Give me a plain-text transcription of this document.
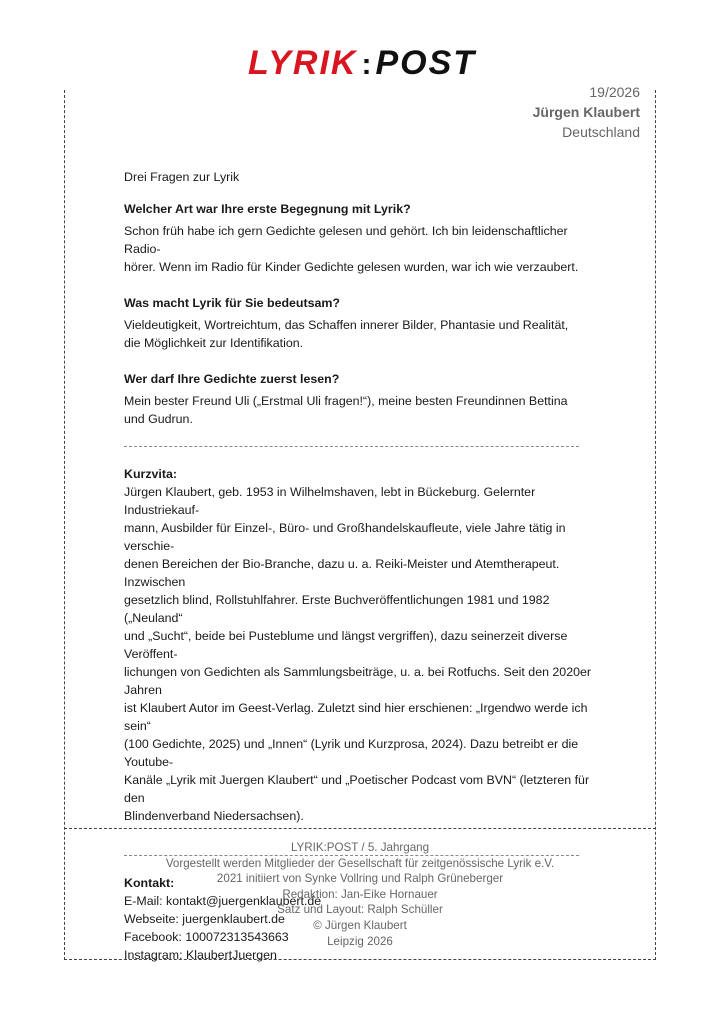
LYRIK : POST
19/2026
Jürgen Klaubert
Deutschland

Drei Fragen zur Lyrik

Welcher Art war Ihre erste Begegnung mit Lyrik?

Schon früh habe ich gern Gedichte gelesen und gehört. Ich bin leidenschaftlicher Radio-

hörer. Wenn im Radio für Kinder Gedichte gelesen wurden, war ich wie verzaubert.

Was macht Lyrik für Sie bedeutsam?

Vieldeutigkeit, Wortreichtum, das Schaffen innerer Bilder, Phantasie und Realität,

die Möglichkeit zur Identifikation.

Wer darf Ihre Gedichte zuerst lesen?

Mein bester Freund Uli („Erstmal Uli fragen!“), meine besten Freundinnen Bettina

und Gudrun.

Kurzvita:

Jürgen Klaubert, geb. 1953 in Wilhelmshaven, lebt in Bückeburg. Gelernter Industriekauf-

mann, Ausbilder für Einzel-, Büro- und Großhandelskaufleute, viele Jahre tätig in verschie-

denen Bereichen der Bio-Branche, dazu u. a. Reiki-Meister und Atemtherapeut. Inzwischen

gesetzlich blind, Rollstuhlfahrer. Erste Buchveröffentlichungen 1981 und 1982 („Neuland“

und „Sucht“, beide bei Pusteblume und längst vergriffen), dazu seinerzeit diverse Veröffent-

lichungen von Gedichten als Sammlungsbeiträge, u. a. bei Rotfuchs. Seit den 2020er Jahren

ist Klaubert Autor im Geest-Verlag. Zuletzt sind hier erschienen: „Irgendwo werde ich sein“

(100 Gedichte, 2025) und „Innen“ (Lyrik und Kurzprosa, 2024). Dazu betreibt er die Youtube-

Kanäle „Lyrik mit Juergen Klaubert“ und „Poetischer Podcast vom BVN“ (letzteren für den

Blindenverband Niedersachsen).

Kontakt:

E-Mail: kontakt@juergenklaubert.de

Webseite: juergenklaubert.de

Facebook: 100072313543663

Instagram: KlaubertJuergen

LYRIK:POST / 5. Jahrgang
Vorgestellt werden Mitglieder der Gesellschaft für zeitgenössische Lyrik e.V.
2021 initiiert von Synke Vollring und Ralph Grüneberger
Redaktion: Jan-Eike Hornauer
Satz und Layout: Ralph Schüller
© Jürgen Klaubert
Leipzig 2026
